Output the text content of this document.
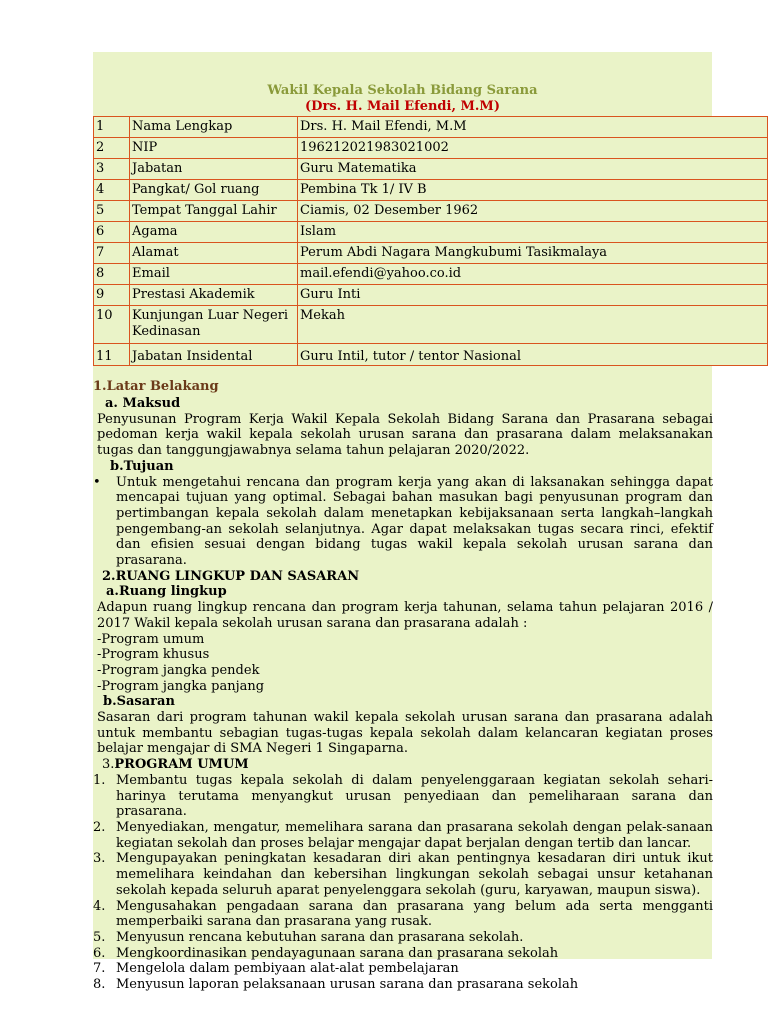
Wakil Kepala Sekolah Bidang Sarana
(Drs. H. Mail Efendi, M.M)
1	Nama Lengkap	Drs. H. Mail Efendi, M.M
2	NIP	196212021983021002
3	Jabatan	Guru Matematika
4	Pangkat/ Gol ruang	Pembina Tk 1/ IV B
5	Tempat Tanggal Lahir	Ciamis, 02 Desember 1962
6	Agama	Islam
7	Alamat	Perum Abdi Nagara Mangkubumi Tasikmalaya
8	Email	mail.efendi@yahoo.co.id
9	Prestasi Akademik	Guru Inti
10	Kunjungan Luar Negeri Kedinasan	Mekah
11	Jabatan Insidental	Guru Intil, tutor / tentor Nasional

1.Latar Belakang

a. Maksud

Penyusunan Program Kerja Wakil Kepala Sekolah Bidang Sarana dan Prasarana sebagai pedoman kerja wakil kepala sekolah urusan sarana dan prasarana dalam melaksanakan tugas dan tanggungjawabnya selama tahun pelajaran 2020/2022.

b.Tujuan

•	Untuk mengetahui rencana dan program kerja yang akan di laksanakan sehingga dapat mencapai tujuan yang optimal. Sebagai bahan masukan bagi penyusunan program dan pertimbangan kepala sekolah dalam menetapkan kebijaksanaan serta langkah–langkah pengembang-an sekolah selanjutnya. Agar dapat melaksakan tugas secara rinci, efektif dan efisien sesuai dengan bidang tugas wakil kepala sekolah urusan sarana dan prasarana.

2.RUANG LINGKUP DAN SASARAN

a.Ruang lingkup

Adapun ruang lingkup rencana dan program kerja tahunan, selama tahun pelajaran 2016 / 2017 Wakil kepala sekolah urusan sarana dan prasarana adalah :

-Program umum

-Program khusus

-Program jangka pendek

-Program jangka panjang

b.Sasaran

Sasaran dari program tahunan wakil kepala sekolah urusan sarana dan prasarana adalah untuk membantu sebagian tugas-tugas kepala sekolah dalam kelancaran kegiatan proses belajar mengajar di SMA Negeri 1 Singaparna.

3.PROGRAM UMUM

1. Membantu tugas kepala sekolah di dalam penyelenggaraan kegiatan sekolah sehari-harinya terutama menyangkut urusan penyediaan dan pemeliharaan sarana dan prasarana.
2. Menyediakan, mengatur, memelihara sarana dan prasarana sekolah dengan pelak-sanaan kegiatan sekolah dan proses belajar mengajar dapat berjalan dengan tertib dan lancar.
3. Mengupayakan peningkatan kesadaran diri akan pentingnya kesadaran diri untuk ikut memelihara keindahan dan kebersihan lingkungan sekolah sebagai unsur ketahanan sekolah kepada seluruh aparat penyelenggara sekolah (guru, karyawan, maupun siswa).
4. Mengusahakan pengadaan sarana dan prasarana yang belum ada serta mengganti memperbaiki sarana dan prasarana yang rusak.
5. Menyusun rencana kebutuhan sarana dan prasarana sekolah.
6. Mengkoordinasikan pendayagunaan sarana dan prasarana sekolah
7. Mengelola dalam pembiyaan alat-alat pembelajaran
8. Menyusun laporan pelaksanaan urusan sarana dan prasarana sekolah
